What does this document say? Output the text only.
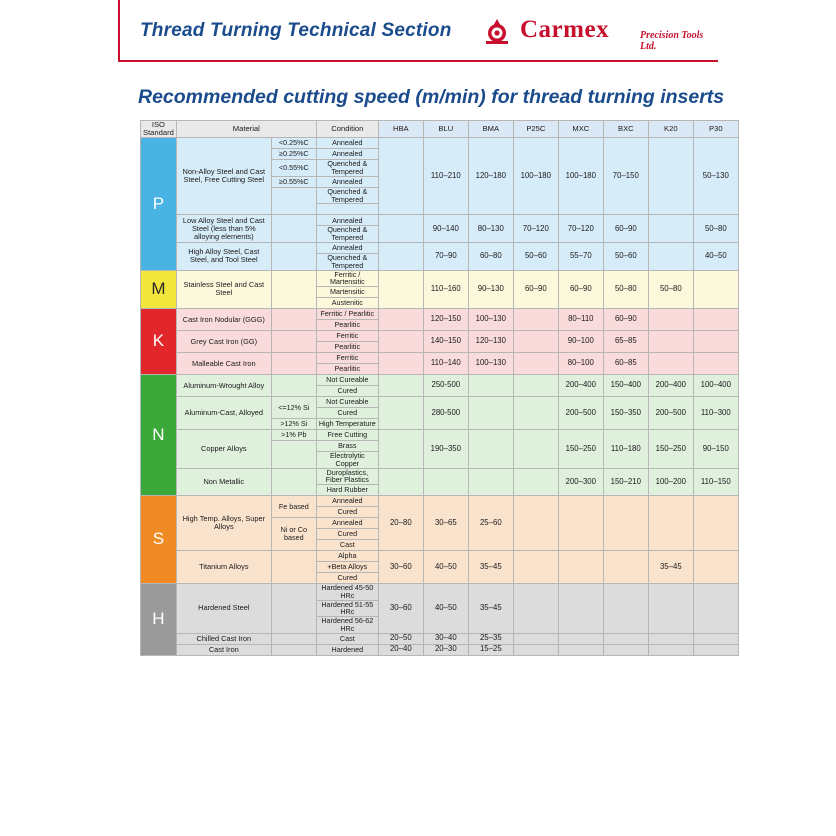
Thread Turning Technical Section	Carmex	Precision Tools Ltd.
Recommended cutting speed (m/min) for thread turning inserts
ISO Standard	Material		Condition	HBA	BLU	BMA	P25C	MXC	BXC	K20	P30
P	Non-Alloy Steel and Cast Steel, Free Cutting Steel	<0.25%C	Annealed		110–210	120–180	100–180	100–180	70–150		50–130
		≥0.25%C	Annealed								
		<0.55%C	Quenched & Tempered								
		≥0.55%C	Annealed								
			Quenched & Tempered								

	Low Alloy Steel and Cast Steel (less than 5% alloying elements)		Annealed		90–140	80–130	70–120	70–120	60–90		50–80
			Quenched & Tempered								
	High Alloy Steel, Cast Steel, and Tool Steel		Annealed		70–90	60–80	50–60	55–70	50–60		40–50
			Quenched & Tempered								
M	Stainless Steel and Cast Steel		Ferritic / Martensitic		110–160	90–130	60–90	60–90	50–80	50–80	
			Martensitic								
			Austenitic								
K	Cast Iron Nodular (GGG)		Ferritic / Pearlitic		120–150	100–130		80–110	60–90		
			Pearlitic								
	Grey Cast Iron (GG)		Ferritic		140–150	120–130		90–100	65–85		
			Pearlitic								
	Malleable Cast Iron		Ferritic		110–140	100–130		80–100	60–85		
			Pearlitic								
N	Aluminum-Wrought Alloy		Not Cureable		250-500			200–400	150–400	200–400	100–400
			Cured								
	Aluminum-Cast, Alloyed	<=12% Si	Not Cureable		280-500			200–500	150–350	200–500	110–300
			Cured								
		>12% Si	High Temperature								
	Copper Alloys	>1% Pb	Free Cutting		190–350			150–250	110–180	150–250	90–150
			Brass								
			Electrolytic Copper								
	Non Metallic		Duroplastics, Fiber Plastics					200–300	150–210	100–200	110–150
			Hard Rubber								
S	High Temp. Alloys, Super Alloys	Fe based	Annealed	20–80	30–65	25–60					
			Cured								
		Ni or Co based	Annealed								
			Cured								
			Cast								
	Titanium Alloys		Alpha	30–60	40–50	35–45				35–45	
			+Beta Alloys								
			Cured								
H	Hardened Steel		Hardened 45-50 HRc	30–60	40–50	35–45					
			Hardened 51-55 HRc								
			Hardened 56-62 HRc								
	Chilled Cast Iron		Cast	20–50	30–40	25–35					
	Cast Iron		Hardened	20–40	20–30	15–25					
